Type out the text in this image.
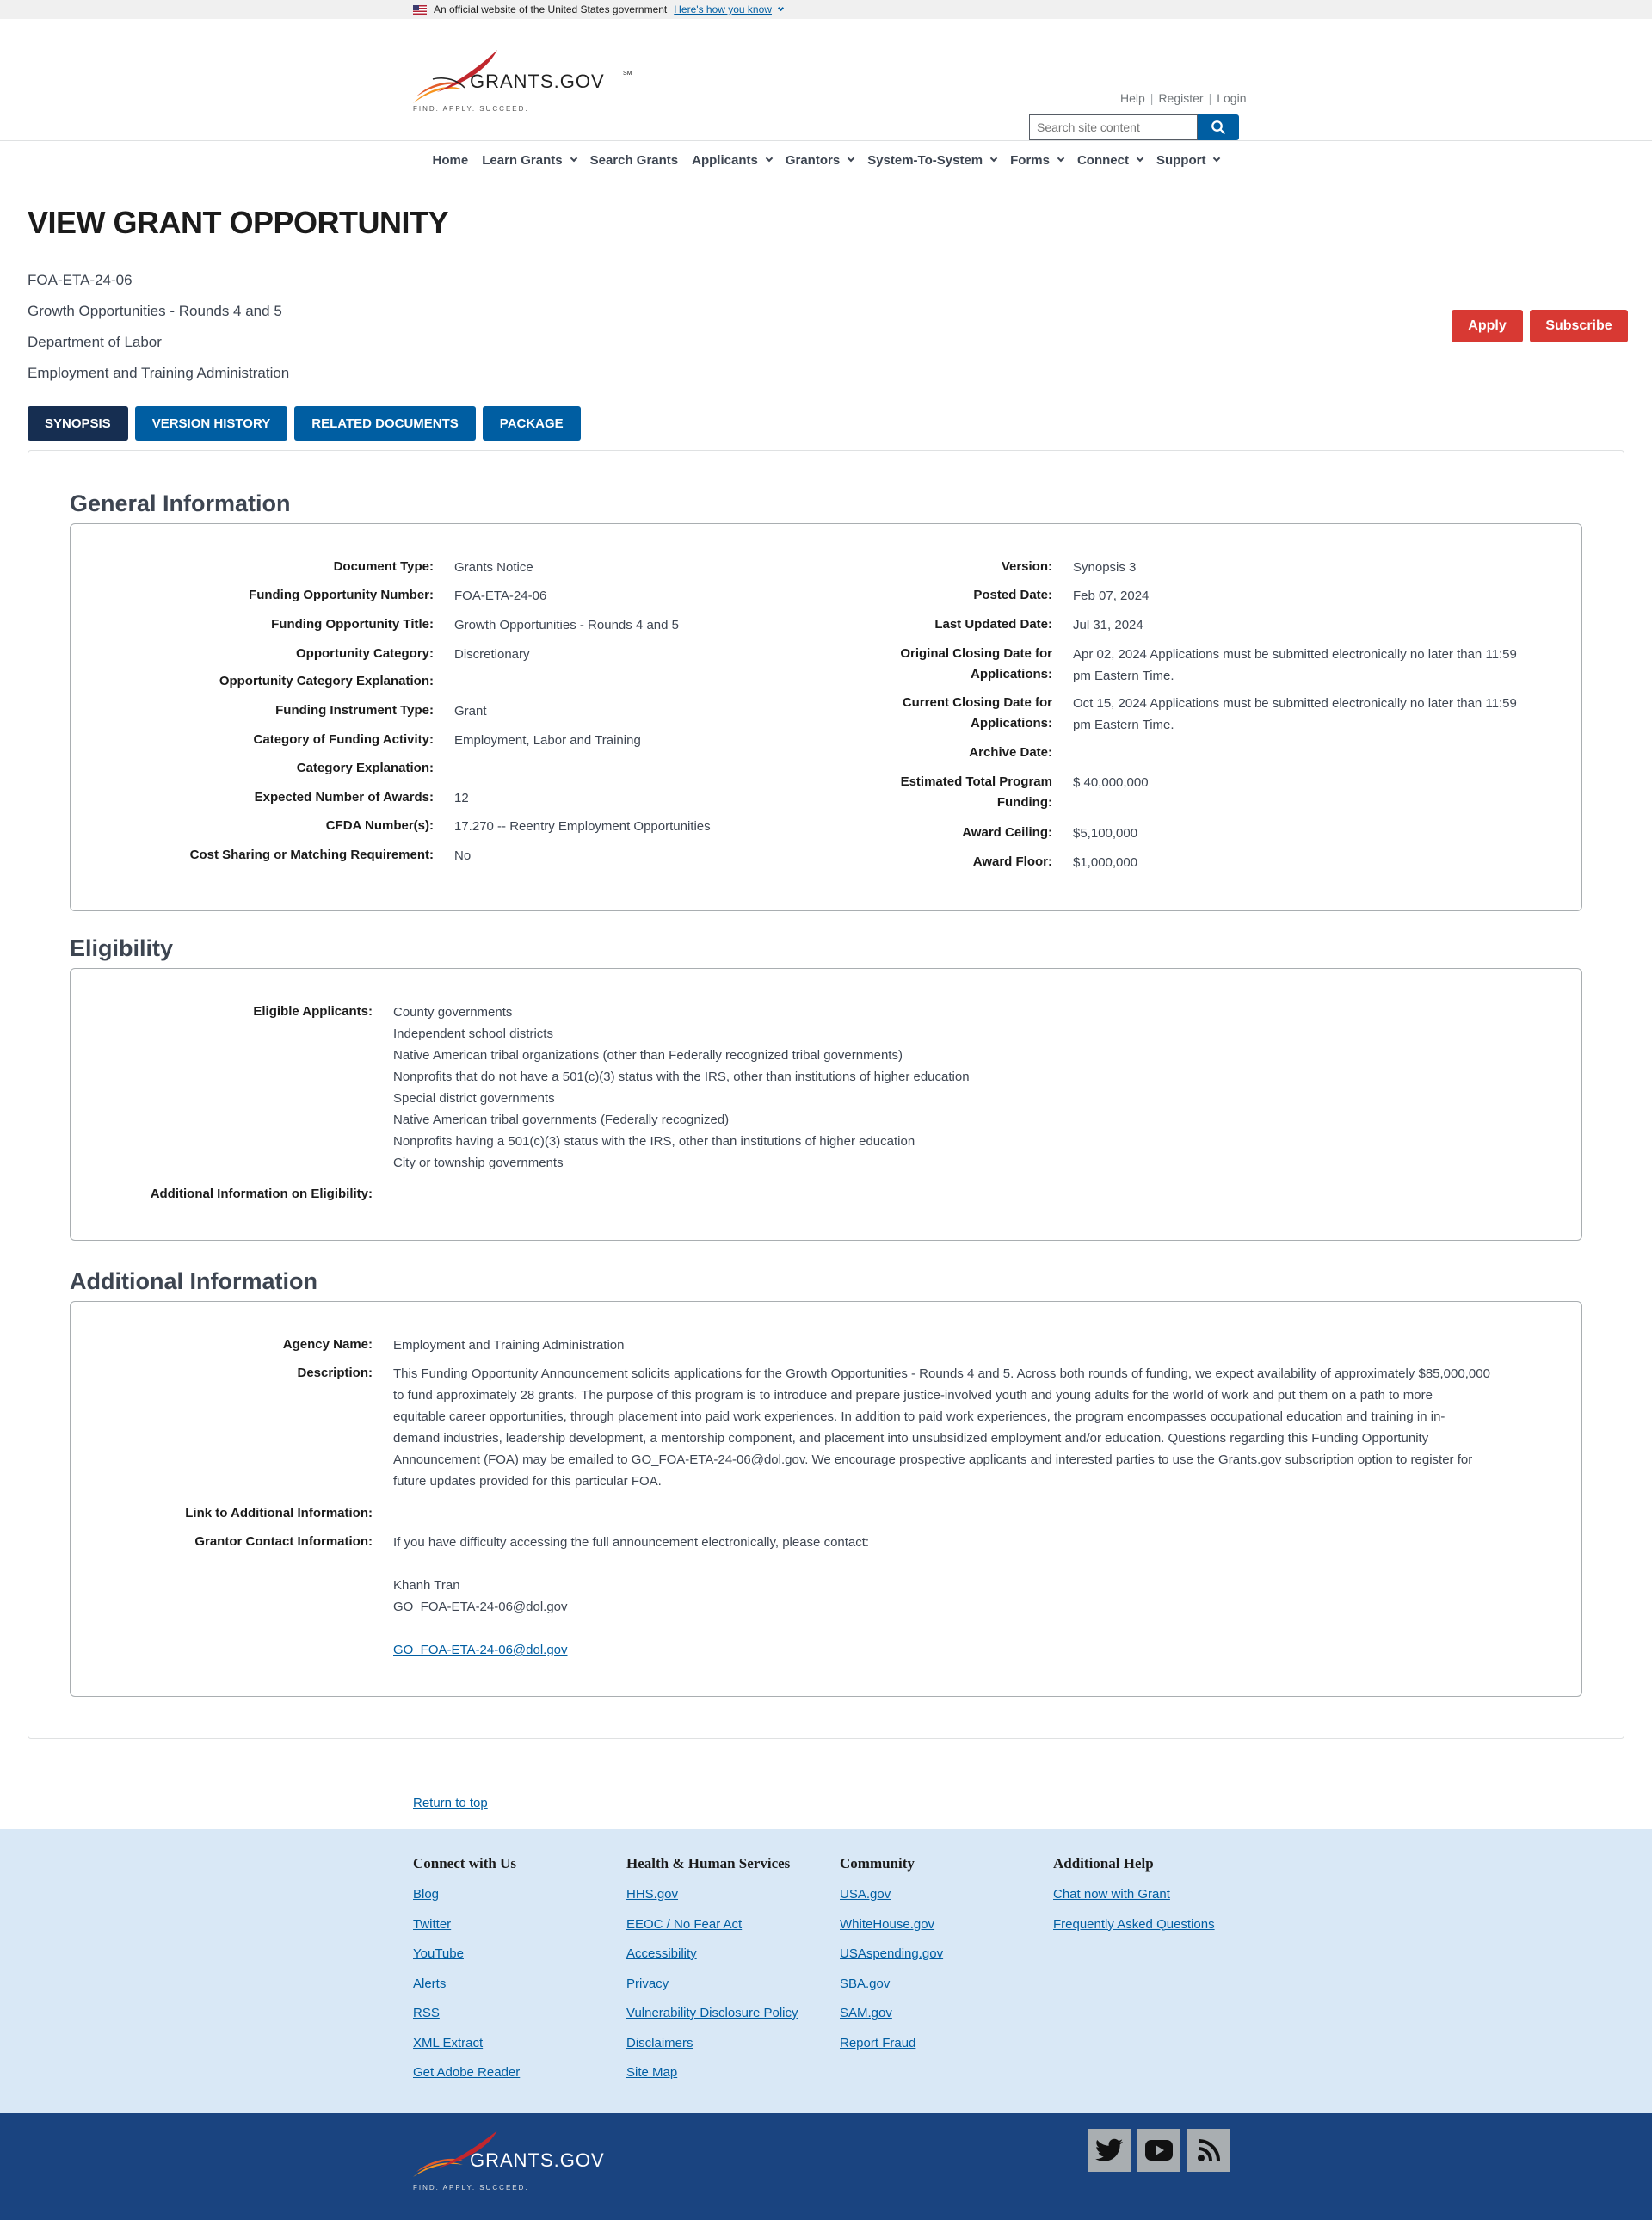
An official website of the United States government Here's how you know
GRANTS.GOV	SM
FIND. APPLY. SUCCEED.
Help | Register | Login
Search site content
Home Learn Grants Search Grants Applicants Grantors System-To-System Forms Connect Support
VIEW GRANT OPPORTUNITY
FOA-ETA-24-06
Growth Opportunities - Rounds 4 and 5
Department of Labor
Employment and Training Administration
Apply	Subscribe
SYNOPSIS	VERSION HISTORY	RELATED DOCUMENTS	PACKAGE
General Information
Document Type: Grants Notice
Funding Opportunity Number: FOA-ETA-24-06
Funding Opportunity Title: Growth Opportunities - Rounds 4 and 5
Opportunity Category: Discretionary
Opportunity Category Explanation:
Funding Instrument Type: Grant
Category of Funding Activity: Employment, Labor and Training
Category Explanation:
Expected Number of Awards: 12
CFDA Number(s): 17.270 -- Reentry Employment Opportunities
Cost Sharing or Matching Requirement: No
Version: Synopsis 3
Posted Date: Feb 07, 2024
Last Updated Date: Jul 31, 2024
Original Closing Date for
Applications:
Apr 02, 2024 Applications must be submitted electronically no later than 11:59
pm Eastern Time.
Current Closing Date for
Applications:
Oct 15, 2024 Applications must be submitted electronically no later than 11:59
pm Eastern Time.
Archive Date:
Estimated Total Program
Funding:
$ 40,000,000
Award Ceiling: $5,100,000
Award Floor: $1,000,000
Eligibility
Eligible Applicants: County governments
Independent school districts
Native American tribal organizations (other than Federally recognized tribal governments)
Nonprofits that do not have a 501(c)(3) status with the IRS, other than institutions of higher education
Special district governments
Native American tribal governments (Federally recognized)
Nonprofits having a 501(c)(3) status with the IRS, other than institutions of higher education
City or township governments
Additional Information on Eligibility:
Additional Information
Agency Name: Employment and Training Administration
Description: This Funding Opportunity Announcement solicits applications for the Growth Opportunities - Rounds 4 and 5. Across both rounds of funding, we expect availability of approximately $85,000,000
to fund approximately 28 grants. The purpose of this program is to introduce and prepare justice-involved youth and young adults for the world of work and put them on a path to more
equitable career opportunities, through placement into paid work experiences. In addition to paid work experiences, the program encompasses occupational education and training in in-
demand industries, leadership development, a mentorship component, and placement into unsubsidized employment and/or education. Questions regarding this Funding Opportunity
Announcement (FOA) may be emailed to GO_FOA-ETA-24-06@dol.gov. We encourage prospective applicants and interested parties to use the Grants.gov subscription option to register for
future updates provided for this particular FOA.
Link to Additional Information:
Grantor Contact Information: If you have difficulty accessing the full announcement electronically, please contact:
Khanh Tran
GO_FOA-ETA-24-06@dol.gov
GO_FOA-ETA-24-06@dol.gov
Return to top
Connect with Us
Blog
Twitter
YouTube
Alerts
RSS
XML Extract
Get Adobe Reader
Health & Human Services
HHS.gov
EEOC / No Fear Act
Accessibility
Privacy
Vulnerability Disclosure Policy
Disclaimers
Site Map
Community
USA.gov
WhiteHouse.gov
USAspending.gov
SBA.gov
SAM.gov
Report Fraud
Additional Help
Chat now with Grant
Frequently Asked Questions
GRANTS.GOV
FIND. APPLY. SUCCEED.
